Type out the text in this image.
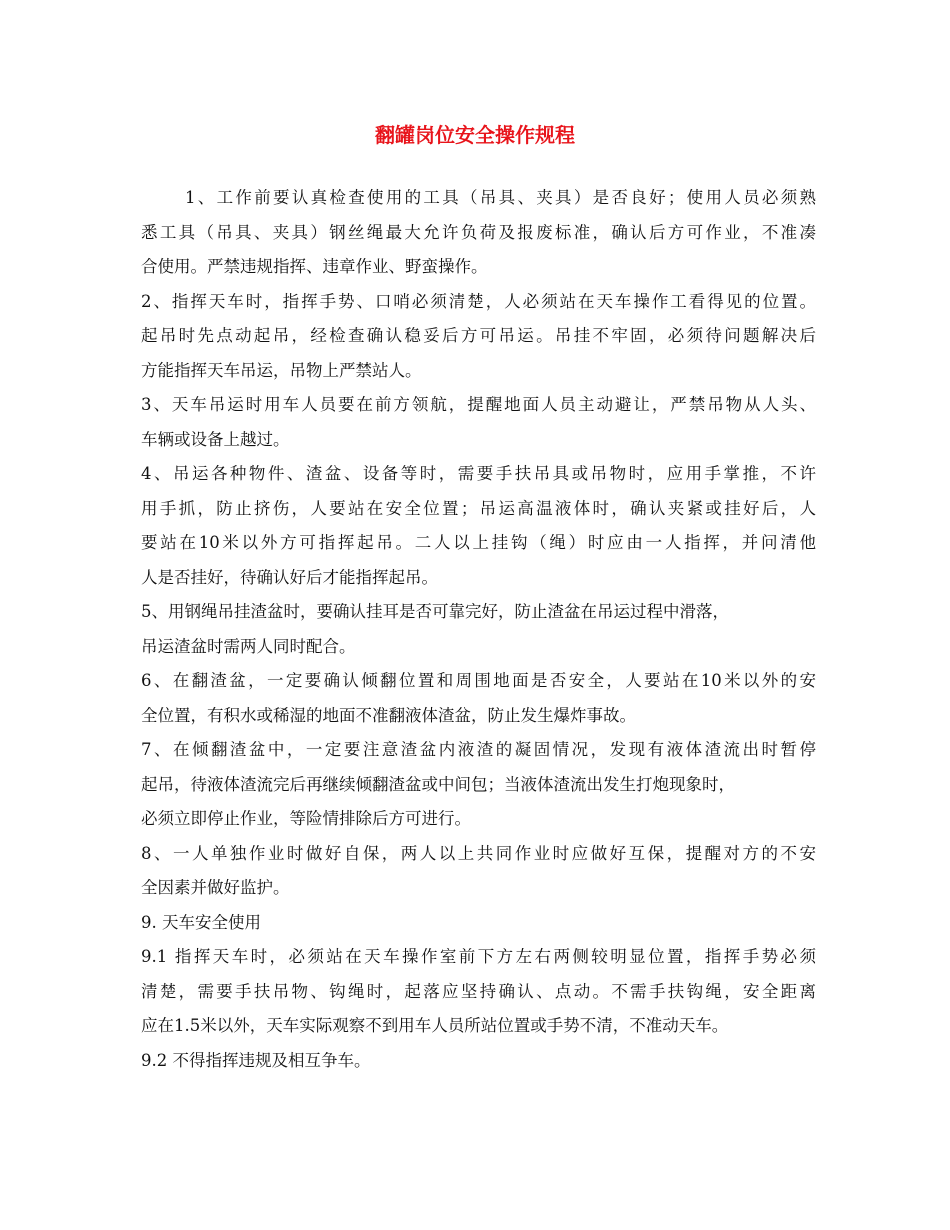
翻罐岗位安全操作规程

1、工作前要认真检查使用的工具（吊具、夹具）是否良好；使用人员必须熟

悉工具（吊具、夹具）钢丝绳最大允许负荷及报废标准，确认后方可作业，不准凑

合使用。严禁违规指挥、违章作业、野蛮操作。

2、指挥天车时，指挥手势、口哨必须清楚，人必须站在天车操作工看得见的位置。

起吊时先点动起吊，经检查确认稳妥后方可吊运。吊挂不牢固，必须待问题解决后

方能指挥天车吊运，吊物上严禁站人。

3、天车吊运时用车人员要在前方领航，提醒地面人员主动避让，严禁吊物从人头、

车辆或设备上越过。

4、吊运各种物件、渣盆、设备等时，需要手扶吊具或吊物时，应用手掌推，不许

用手抓，防止挤伤，人要站在安全位置；吊运高温液体时，确认夹紧或挂好后，人

要站在10米以外方可指挥起吊。二人以上挂钩（绳）时应由一人指挥，并问清他

人是否挂好，待确认好后才能指挥起吊。

5、用钢绳吊挂渣盆时，要确认挂耳是否可靠完好，防止渣盆在吊运过程中滑落，

吊运渣盆时需两人同时配合。

6、在翻渣盆，一定要确认倾翻位置和周围地面是否安全，人要站在10米以外的安

全位置，有积水或稀湿的地面不准翻液体渣盆，防止发生爆炸事故。

7、在倾翻渣盆中，一定要注意渣盆内液渣的凝固情况，发现有液体渣流出时暂停

起吊，待液体渣流完后再继续倾翻渣盆或中间包；当液体渣流出发生打炮现象时，

必须立即停止作业，等险情排除后方可进行。

8、一人单独作业时做好自保，两人以上共同作业时应做好互保，提醒对方的不安

全因素并做好监护。

9. 天车安全使用

9.1 指挥天车时，必须站在天车操作室前下方左右两侧较明显位置，指挥手势必须

清楚，需要手扶吊物、钩绳时，起落应坚持确认、点动。不需手扶钩绳，安全距离

应在1.5米以外，天车实际观察不到用车人员所站位置或手势不清，不准动天车。

9.2 不得指挥违规及相互争车。
